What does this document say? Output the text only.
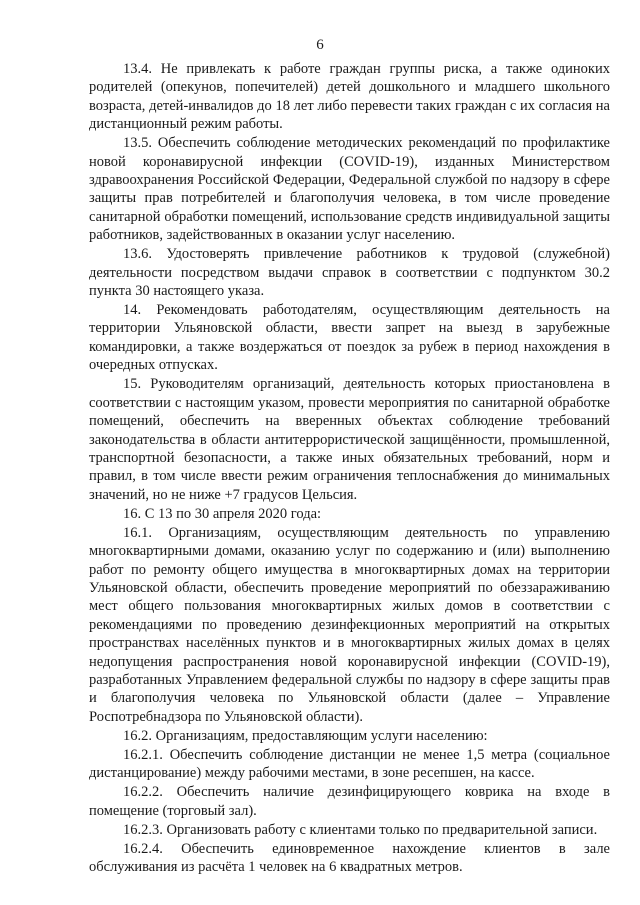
6

13.4. Не привлекать к работе граждан группы риска, а также одиноких родителей (опекунов, попечителей) детей дошкольного и младшего школьного возраста, детей-инвалидов до 18 лет либо перевести таких граждан с их согласия на дистанционный режим работы.

13.5. Обеспечить соблюдение методических рекомендаций по профилактике новой коронавирусной инфекции (COVID-19), изданных Министерством здравоохранения Российской Федерации, Федеральной службой по надзору в сфере защиты прав потребителей и благополучия человека, в том числе проведение санитарной обработки помещений, использование средств индивидуальной защиты работников, задействованных в оказании услуг населению.

13.6. Удостоверять привлечение работников к трудовой (служебной) деятельности посредством выдачи справок в соответствии с подпунктом 30.2 пункта 30 настоящего указа.

14. Рекомендовать работодателям, осуществляющим деятельность на территории Ульяновской области, ввести запрет на выезд в зарубежные командировки, а также воздержаться от поездок за рубеж в период нахождения в очередных отпусках.

15. Руководителям организаций, деятельность которых приостановлена в соответствии с настоящим указом, провести мероприятия по санитарной обработке помещений, обеспечить на вверенных объектах соблюдение требований законодательства в области антитеррористической защищённости, промышленной, транспортной безопасности, а также иных обязательных требований, норм и правил, в том числе ввести режим ограничения теплоснабжения до минимальных значений, но не ниже +7 градусов Цельсия.

16. С 13 по 30 апреля 2020 года:

16.1. Организациям, осуществляющим деятельность по управлению многоквартирными домами, оказанию услуг по содержанию и (или) выполнению работ по ремонту общего имущества в многоквартирных домах на территории Ульяновской области, обеспечить проведение мероприятий по обеззараживанию мест общего пользования многоквартирных жилых домов в соответствии с рекомендациями по проведению дезинфекционных мероприятий на открытых пространствах населённых пунктов и в многоквартирных жилых домах в целях недопущения распространения новой коронавирусной инфекции (COVID-19), разработанных Управлением федеральной службы по надзору в сфере защиты прав и благополучия человека по Ульяновской области (далее – Управление Роспотребнадзора по Ульяновской области).

16.2. Организациям, предоставляющим услуги населению:

16.2.1. Обеспечить соблюдение дистанции не менее 1,5 метра (социальное дистанцирование) между рабочими местами, в зоне ресепшен, на кассе.

16.2.2. Обеспечить наличие дезинфицирующего коврика на входе в помещение (торговый зал).

16.2.3. Организовать работу с клиентами только по предварительной записи.

16.2.4. Обеспечить единовременное нахождение клиентов в зале обслуживания из расчёта 1 человек на 6 квадратных метров.
